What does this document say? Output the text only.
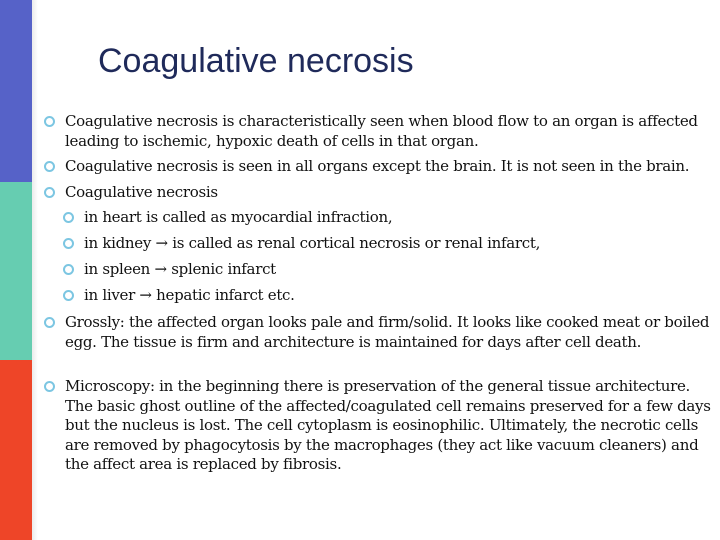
Coagulative necrosis
Coagulative necrosis is characteristically seen when blood flow to an organ is affected leading to ischemic, hypoxic death of cells in that organ.
Coagulative necrosis is seen in all organs except the brain. It is not seen in the brain.
Coagulative necrosis
in heart is called as myocardial infraction,
in kidney → is called as renal cortical necrosis or renal infarct,
in spleen → splenic infarct
in liver → hepatic infarct etc.
Grossly: the affected organ looks pale and firm/solid. It looks like cooked meat or boiled egg. The tissue is firm and architecture is maintained for days after cell death.
Microscopy: in the beginning there is preservation of the general tissue architecture. The basic ghost outline of the affected/coagulated cell remains preserved for a few days but the nucleus is lost. The cell cytoplasm is eosinophilic. Ultimately, the necrotic cells are removed by phagocytosis by the macrophages (they act like vacuum cleaners) and the affect area is replaced by fibrosis.
